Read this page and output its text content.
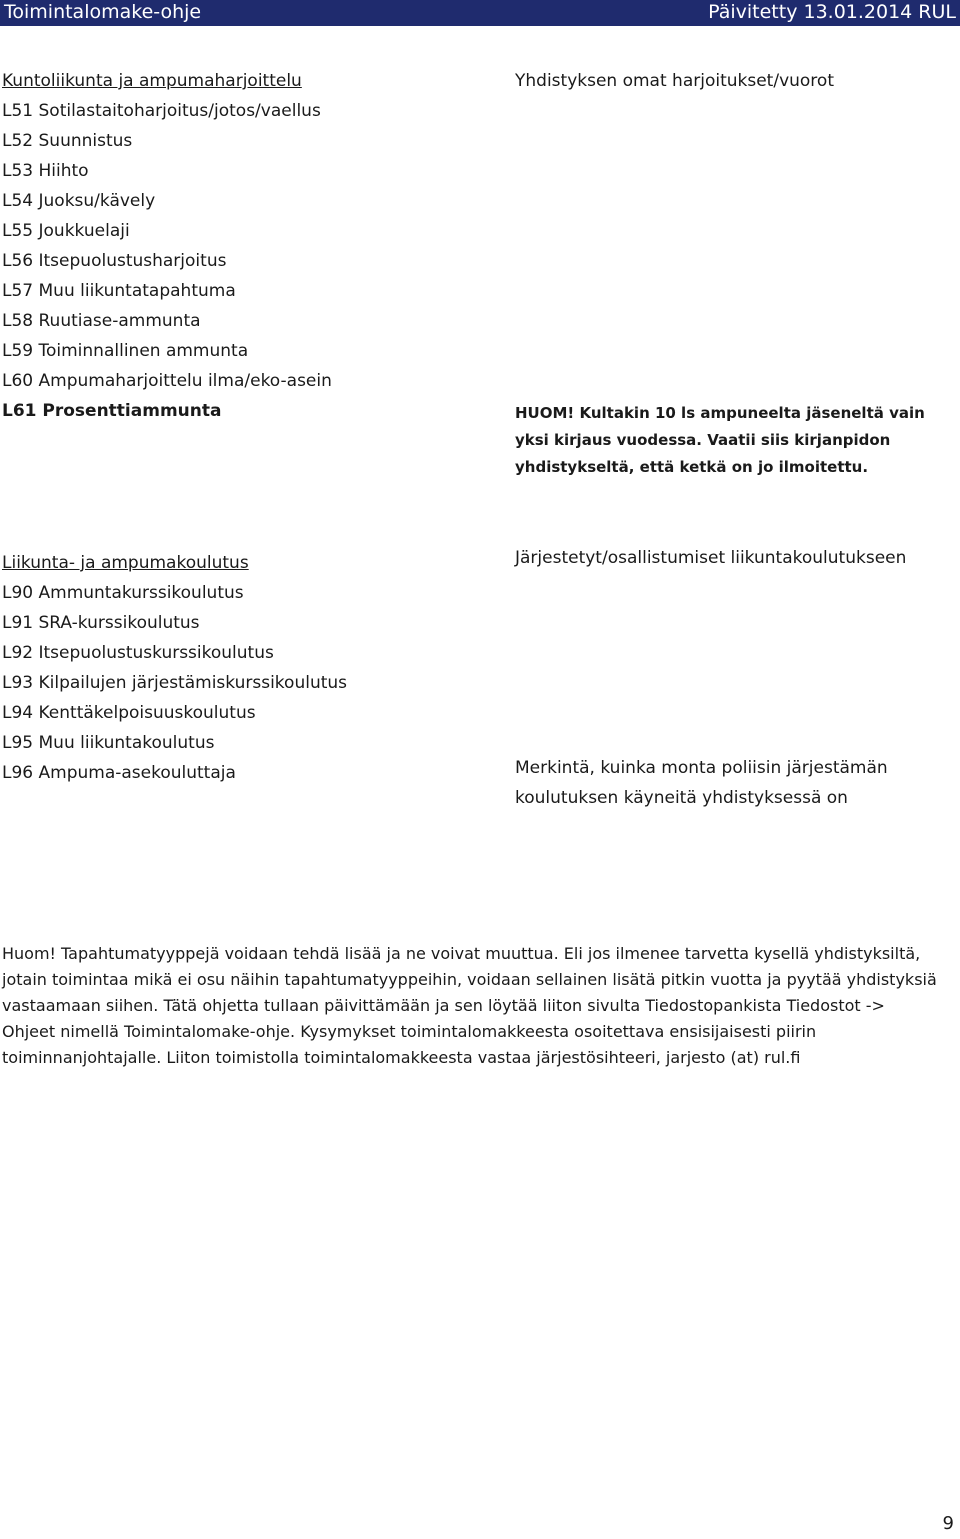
Toimintalomake-ohje	Päivitetty 13.01.2014 RUL
Kuntoliikunta ja ampumaharjoittelu
L51 Sotilastaitoharjoitus/jotos/vaellus
L52 Suunnistus
L53 Hiihto
L54 Juoksu/kävely
L55 Joukkuelaji
L56 Itsepuolustusharjoitus
L57 Muu liikuntatapahtuma
L58 Ruutiase-ammunta
L59 Toiminnallinen ammunta
L60 Ampumaharjoittelu ilma/eko-asein
L61 Prosenttiammunta
Yhdistyksen omat harjoitukset/vuorot
HUOM! Kultakin 10 ls ampuneelta jäseneltä vain yksi kirjaus vuodessa. Vaatii siis kirjanpidon yhdistykseltä, että ketkä on jo ilmoitettu.
Liikunta- ja ampumakoulutus
L90 Ammuntakurssikoulutus
L91 SRA-kurssikoulutus
L92 Itsepuolustuskurssikoulutus
L93 Kilpailujen järjestämiskurssikoulutus
L94 Kenttäkelpoisuuskoulutus
L95 Muu liikuntakoulutus
L96 Ampuma-asekouluttaja
Järjestetyt/osallistumiset liikuntakoulutukseen
Merkintä, kuinka monta poliisin järjestämän koulutuksen käyneitä yhdistyksessä on
Huom! Tapahtumatyyppejä voidaan tehdä lisää ja ne voivat muuttua. Eli jos ilmenee tarvetta kysellä yhdistyksiltä, jotain toimintaa mikä ei osu näihin tapahtumatyyppeihin, voidaan sellainen lisätä pitkin vuotta ja pyytää yhdistyksiä vastaamaan siihen. Tätä ohjetta tullaan päivittämään ja sen löytää liiton sivulta Tiedostopankista Tiedostot -> Ohjeet nimellä Toimintalomake-ohje. Kysymykset toimintalomakkeesta osoitettava ensisijaisesti piirin toiminnanjohtajalle. Liiton toimistolla toimintalomakkeesta vastaa järjestösihteeri, jarjesto (at) rul.fi
9
